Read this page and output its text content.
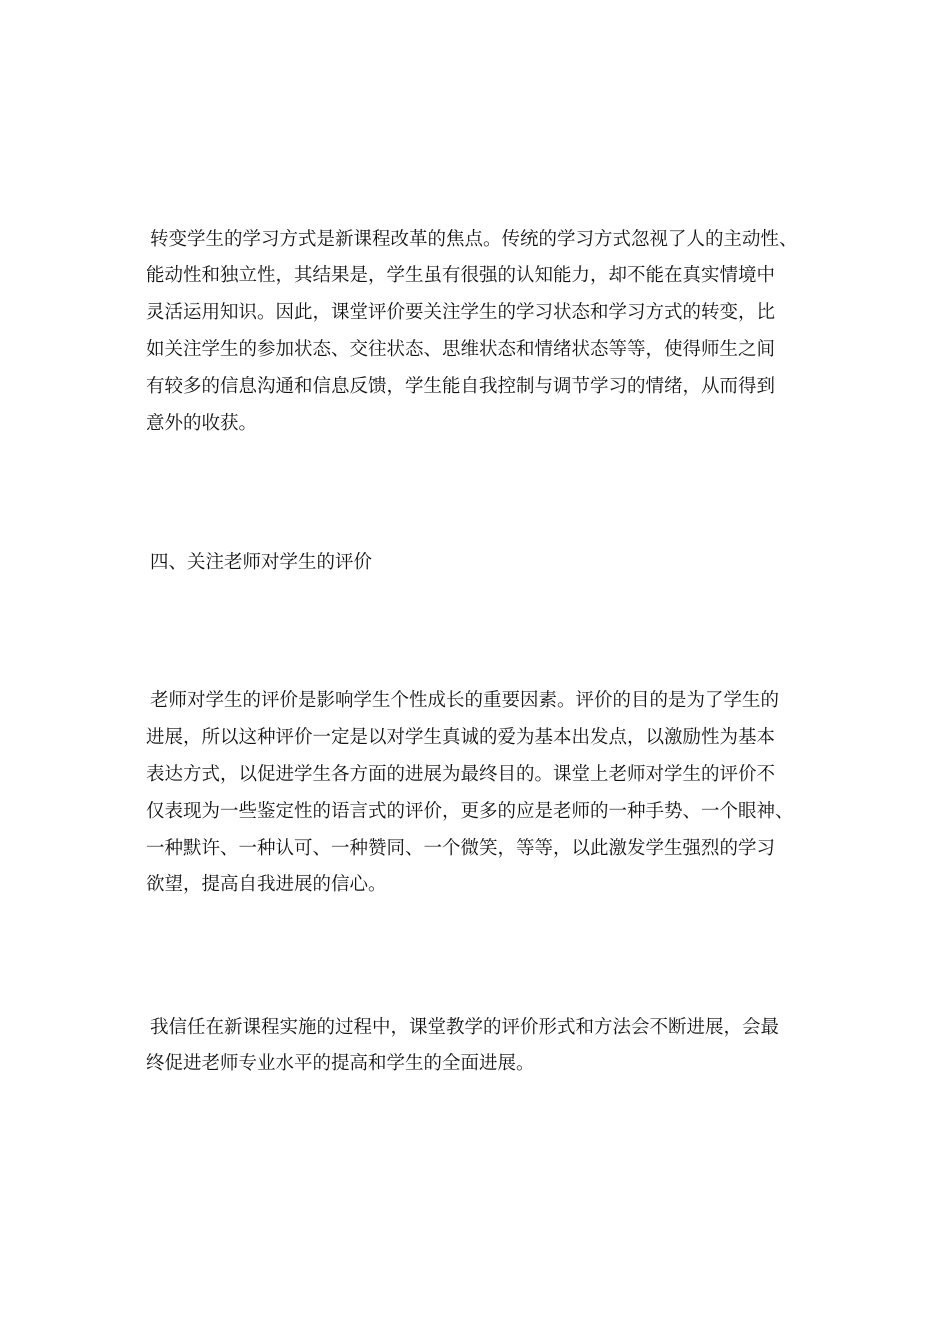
转变学生的学习方式是新课程改革的焦点。传统的学习方式忽视了人的主动性、

能动性和独立性，其结果是，学生虽有很强的认知能力，却不能在真实情境中

灵活运用知识。因此，课堂评价要关注学生的学习状态和学习方式的转变，比

如关注学生的参加状态、交往状态、思维状态和情绪状态等等，使得师生之间

有较多的信息沟通和信息反馈，学生能自我控制与调节学习的情绪，从而得到

意外的收获。

四、关注老师对学生的评价

老师对学生的评价是影响学生个性成长的重要因素。评价的目的是为了学生的

进展，所以这种评价一定是以对学生真诚的爱为基本出发点，以激励性为基本

表达方式，以促进学生各方面的进展为最终目的。课堂上老师对学生的评价不

仅表现为一些鉴定性的语言式的评价，更多的应是老师的一种手势、一个眼神、

一种默许、一种认可、一种赞同、一个微笑，等等，以此激发学生强烈的学习

欲望，提高自我进展的信心。

我信任在新课程实施的过程中，课堂教学的评价形式和方法会不断进展，会最

终促进老师专业水平的提高和学生的全面进展。
